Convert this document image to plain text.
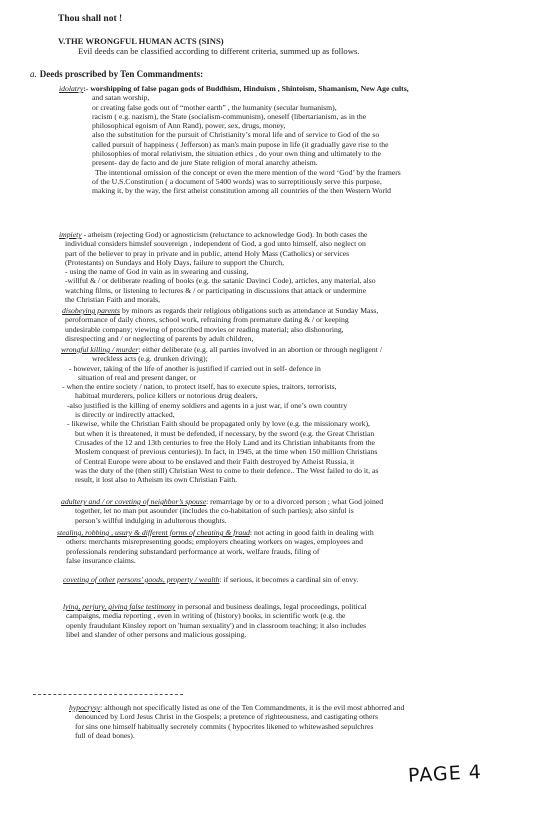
Thou shall not !
V.THE WRONGFUL HUMAN ACTS (SINS)
Evil deeds can be classified according to different criteria, summed up as follows.
a. Deeds proscribed by Ten Commandments:
idolatry:- worshipping of false pagan gods of Buddhism, Hinduism , Shintoism, Shamanism, New Age cults,
and satan worship,
or creating false gods out of “mother earth” , the humanity (secular humanism),
racism ( e.g. nazism), the State (socialism-communism), oneself (libertarianism, as in the
philosophical egoism of Ann Rand), power, sex, drugs, money,
also the substitution for the pursuit of Christianity’s moral life and of service to God of the so
called pursuit of happiness ( Jefferson) as man's main pupose in life (it gradually gave rise to the
philosophies of moral relativism, the situation ethics , do your own thing and ultimately to the
present- day de facto and de jure State religion of moral anarchy atheism.
The intentional omission of the concept or even the mere mention of the word ‘God’ by the framers
of the U.S.Constitution ( a document of 5400 words) was to surreptitiously serve this purpose,
making it, by the way, the first atheist constitution among all countries of the then Western World
impiety - atheism (rejecting God) or agnosticism (reluctance to acknowledge God). In both cases the
individual considers himslef souvereign , independent of God, a god unto himself, also neglect on
part of the believer to pray in private and in public, attend Holy Mass (Catholics) or services
(Protestants) on Sundays and Holy Days, failure to support the Church,
- using the name of God in vain as in swearing and cussing,
-willful & / or deliberate reading of books (e.g. the satanic Davinci Code), articles, any material, also
watching films, or listening to lectures & / or participating in discussions that attack or undermine
the Christian Faith and morals,
disobeying parents by minors as regards their religious obligations such as attendance at Sunday Mass,
peroformance of daily chores, school work, refraining from premature dating & / or keeping
undesirable company; viewing of proscribed movies or reading material; also dishonoring,
disrespecting and / or neglecting of parents by adult children,
wrongful killing / murder: either deliberate (e.g. all parties involved in an abortion or through negligent /
wreckless acts (e.g. drunken driving);
- however, taking of the life of another is justified if carried out in self- defence in
situation of real and present danger, or
- when the entire society / nation, to protect itself, has to execute spies, traitors, terrorists,
habitual murderers, police killers or notorious drug dealers,
-also justified is the killing of enemy soldiers and agents in a just war, if one’s own country
is directly or indirectly attacked,
- likewise, while the Christian Faith should be propagated only by love (e.g. the missionary work),
but when it is threatened, it must be defended, if necessary, by the sword (e.g. the Great Christian
Crusades of the 12 and 13th centuries to free the Holy Land and its Christian inhabitants from the
Moslem conquest of previous centuries)). In fact, in 1945, at the time when 150 million Christians
of Central Europe were about to be enslaved and their Faith destroyed by Atheist Russia, it
was the duty of the (then still) Christian West to come to their defence.. The West failed to do it, as
result, it lost also to Atheism its own Christian Faith.
adultery and / or coveting of neighbor’s spouse: remarriage by or to a divorced person ; what God joined
together, let no man put asounder (includes the co-habitation of such parties); also sinful is
person’s willful indulging in adulterous thoughts.
stealing, robbing , usury & different forms of cheating & fraud: not acting in good faith in dealing with
others: merchants misrepresenting goods; employers cheating workers on wages, employees and
professionals rendering substandard performance at work, welfare frauds, filing of
false insurance claims.
coveting of other persons’ goods, property / wealth: if serious, it becomes a cardinal sin of envy.
lying, perjury, giving false testimony in personal and business dealings, legal proceedings, political
campaigns, media reporting , even in writing of (history) books, in scientific work (e.g. the
openly fraudulant Kinsley report on 'human sexuality') and in classroom teaching; it also includes
libel and slander of other persons and malicious gossiping.
hypocrysy: although not specifically listed as one of the Ten Commandments, it is the evil most abhorred and
denounced by Lord Jesus Christ in the Gospels; a pretence of righteousness, and castigating others
for sins one himself habitually secretely commits ( hypocrites likened to whitewashed sepulchres
full of dead bones).
PAGE 4
